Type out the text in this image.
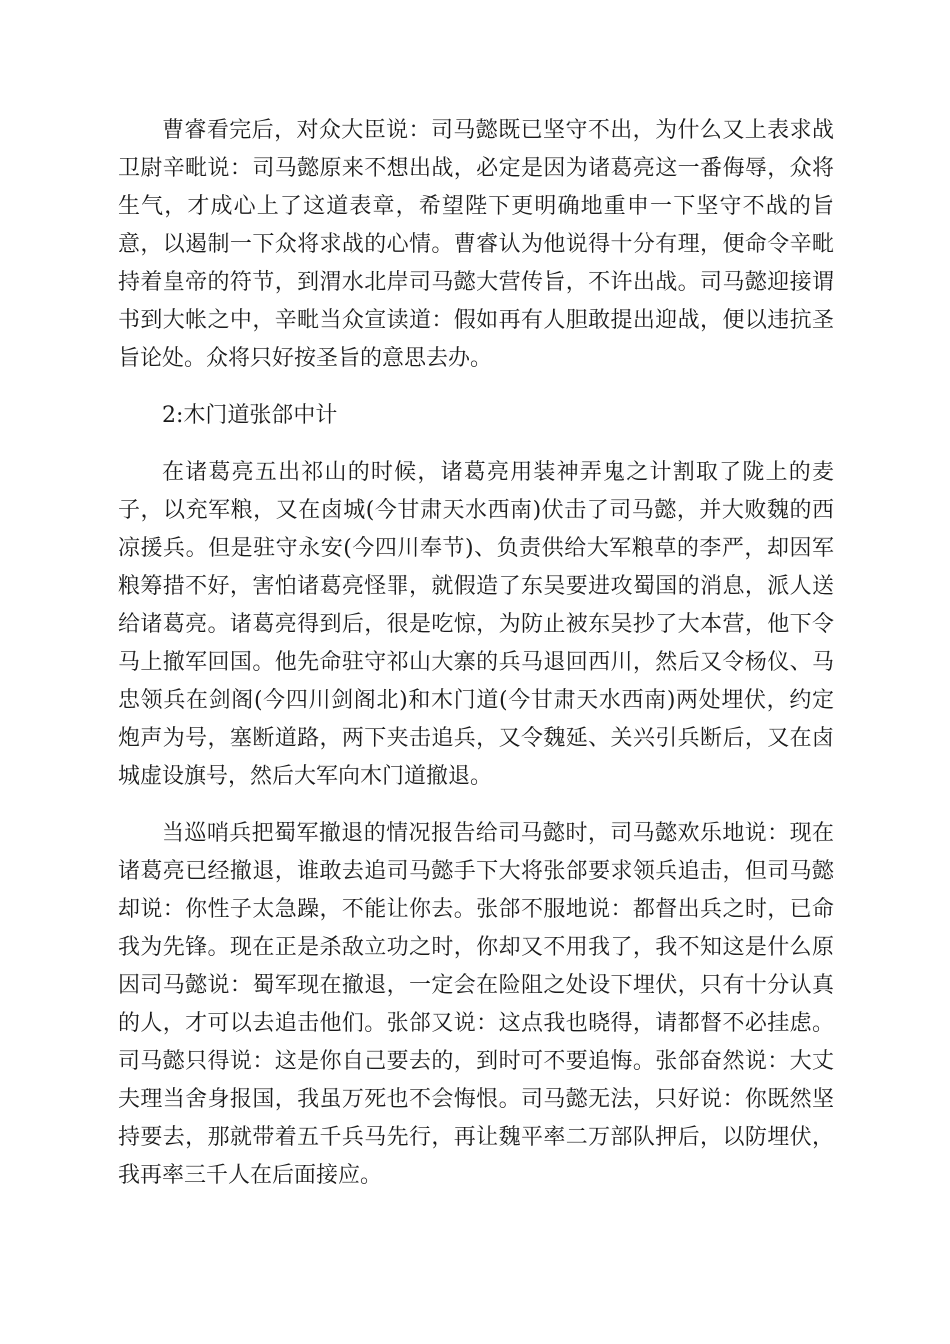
曹睿看完后，对众大臣说：司马懿既已坚守不出，为什么又上表求战卫尉辛毗说：司马懿原来不想出战，必定是因为诸葛亮这一番侮辱，众将生气，才成心上了这道表章，希望陛下更明确地重申一下坚守不战的旨意，以遏制一下众将求战的心情。曹睿认为他说得十分有理，便命令辛毗持着皇帝的符节，到渭水北岸司马懿大营传旨，不许出战。司马懿迎接谓书到大帐之中，辛毗当众宣读道：假如再有人胆敢提出迎战，便以违抗圣旨论处。众将只好按圣旨的意思去办。

2:木门道张郃中计

在诸葛亮五出祁山的时候，诸葛亮用装神弄鬼之计割取了陇上的麦子，以充军粮，又在卤城(今甘肃天水西南)伏击了司马懿，并大败魏的西凉援兵。但是驻守永安(今四川奉节)、负责供给大军粮草的李严，却因军粮筹措不好，害怕诸葛亮怪罪，就假造了东吴要进攻蜀国的消息，派人送给诸葛亮。诸葛亮得到后，很是吃惊，为防止被东吴抄了大本营，他下令马上撤军回国。他先命驻守祁山大寨的兵马退回西川，然后又令杨仪、马忠领兵在剑阁(今四川剑阁北)和木门道(今甘肃天水西南)两处埋伏，约定炮声为号，塞断道路，两下夹击追兵，又令魏延、关兴引兵断后，又在卤城虚设旗号，然后大军向木门道撤退。

当巡哨兵把蜀军撤退的情况报告给司马懿时，司马懿欢乐地说：现在诸葛亮已经撤退，谁敢去追司马懿手下大将张郃要求领兵追击，但司马懿却说：你性子太急躁，不能让你去。张郃不服地说：都督出兵之时，已命我为先锋。现在正是杀敌立功之时，你却又不用我了，我不知这是什么原因司马懿说：蜀军现在撤退，一定会在险阻之处设下埋伏，只有十分认真的人，才可以去追击他们。张郃又说：这点我也晓得，请都督不必挂虑。司马懿只得说：这是你自己要去的，到时可不要追悔。张郃奋然说：大丈夫理当舍身报国，我虽万死也不会悔恨。司马懿无法，只好说：你既然坚持要去，那就带着五千兵马先行，再让魏平率二万部队押后，以防埋伏，我再率三千人在后面接应。
